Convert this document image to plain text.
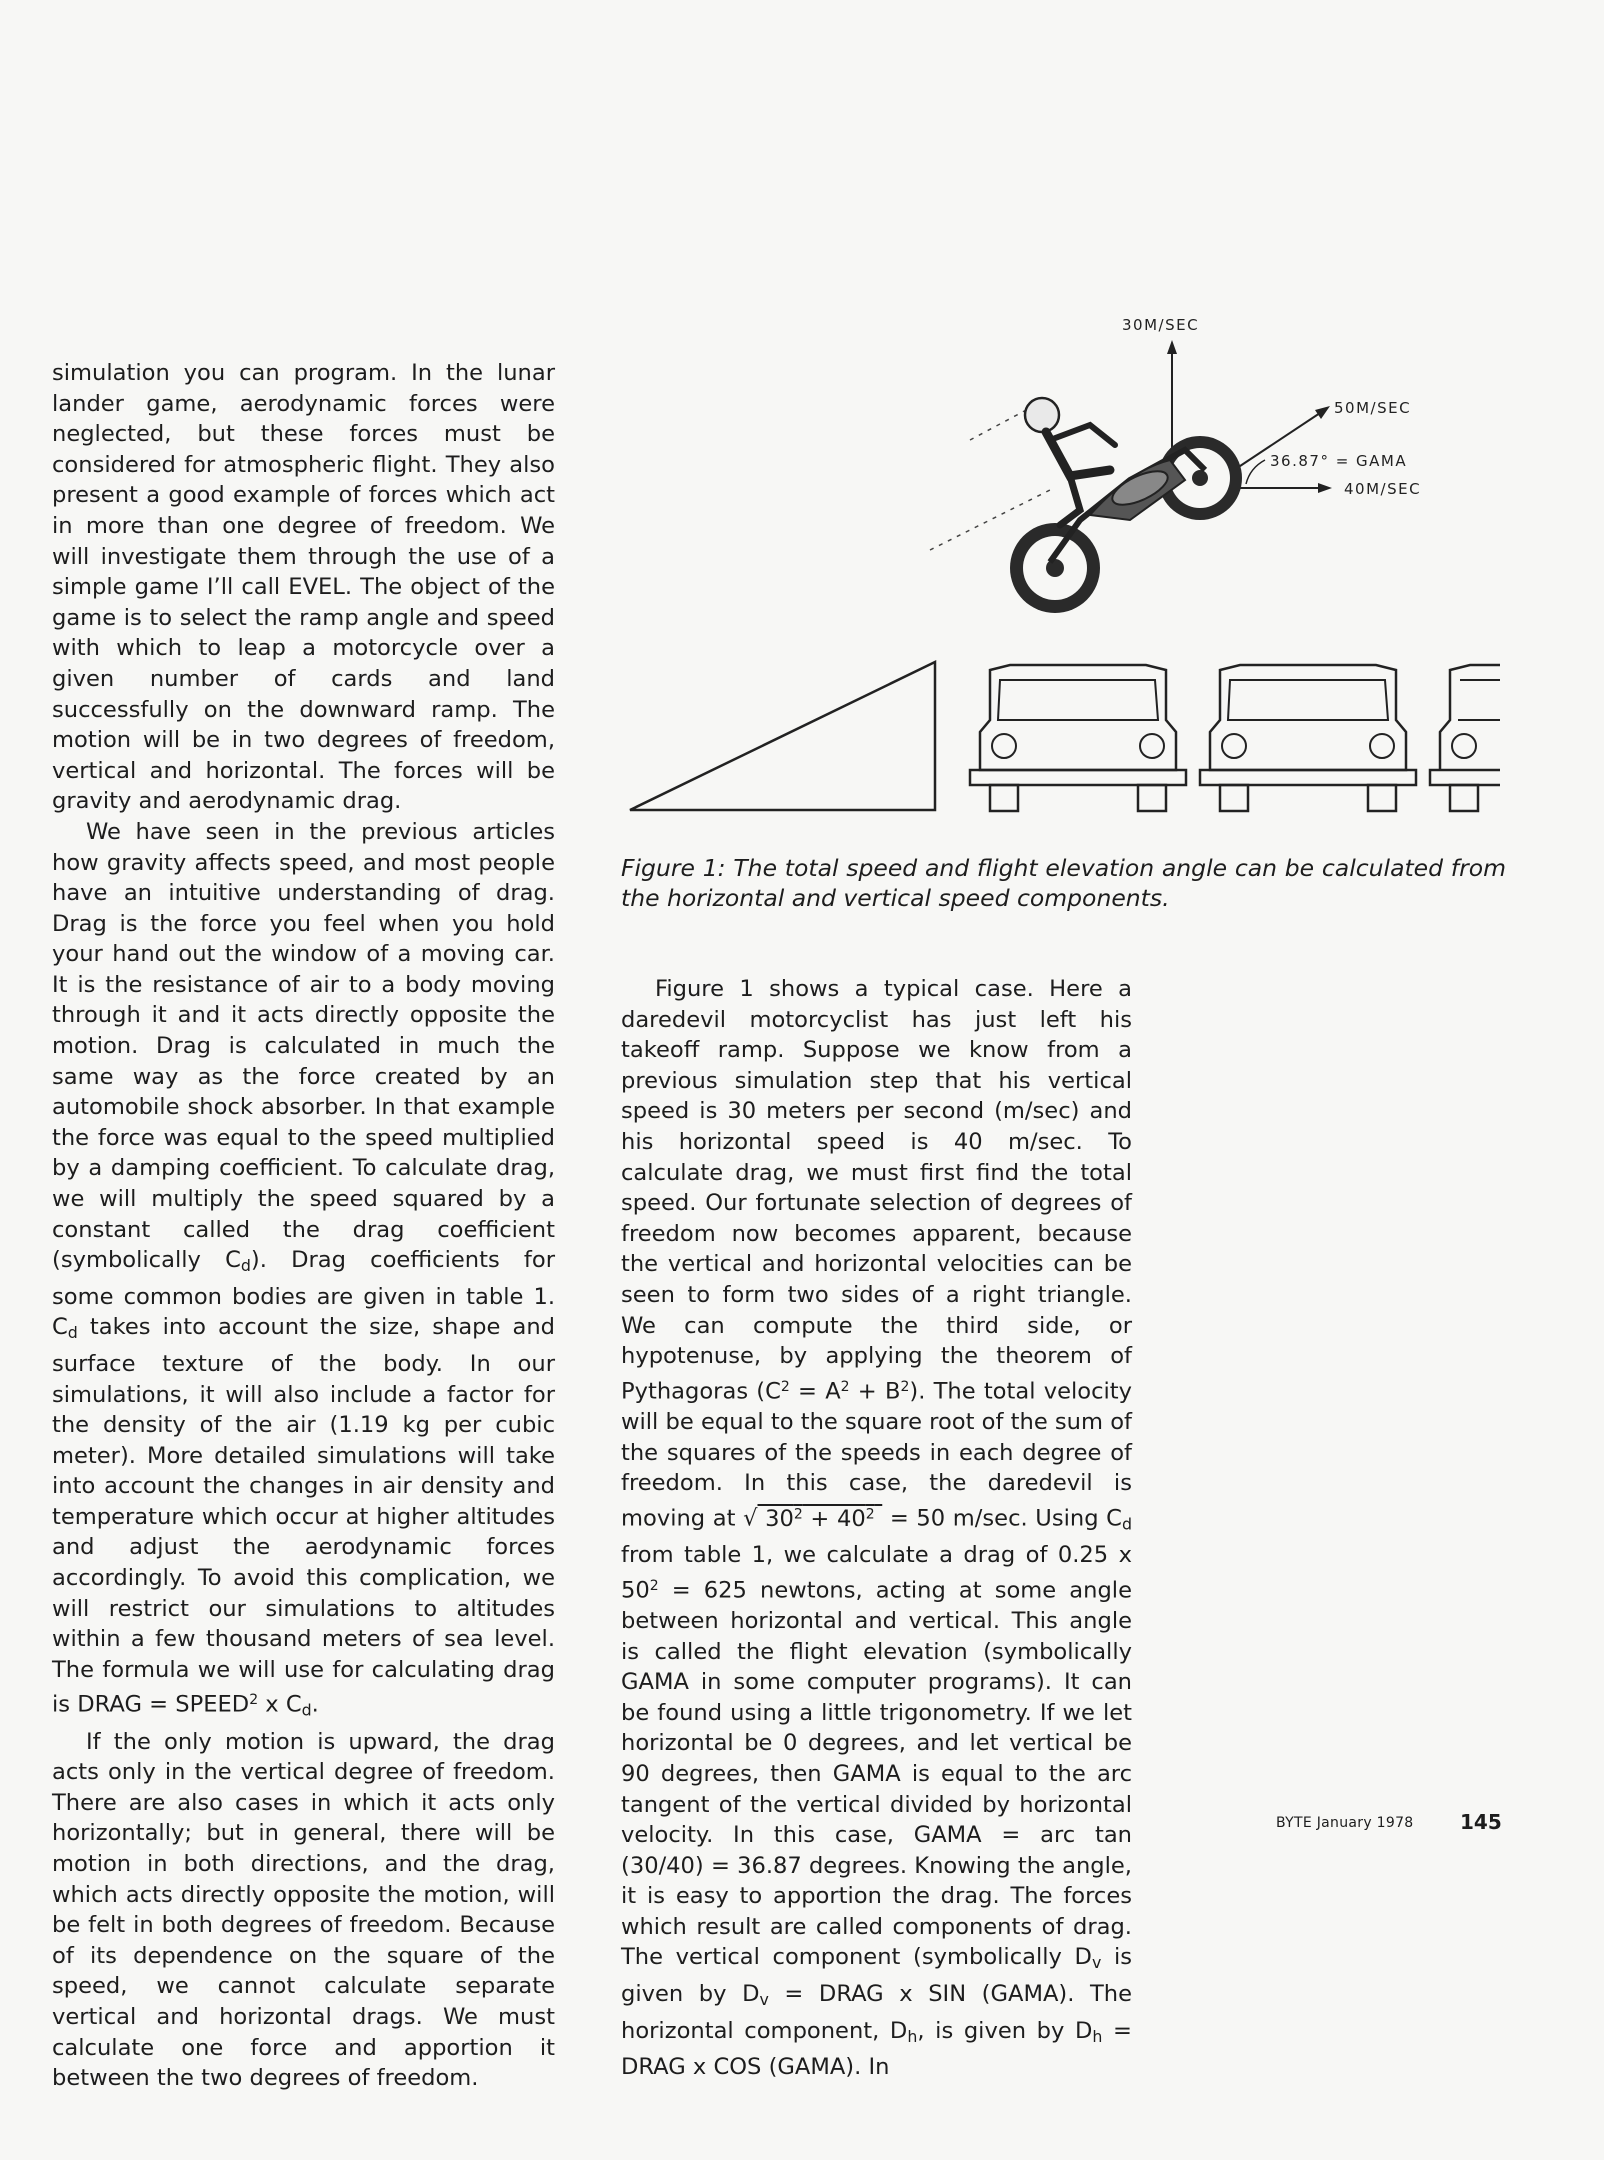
simulation you can program. In the lunar lander game, aerodynamic forces were neglected, but these forces must be considered for atmospheric flight. They also present a good example of forces which act in more than one degree of freedom. We will investigate them through the use of a simple game I’ll call EVEL. The object of the game is to select the ramp angle and speed with which to leap a motorcycle over a given number of cards and land successfully on the downward ramp. The motion will be in two degrees of freedom, vertical and horizontal. The forces will be gravity and aerodynamic drag.

We have seen in the previous articles how gravity affects speed, and most people have an intuitive understanding of drag. Drag is the force you feel when you hold your hand out the window of a moving car. It is the resistance of air to a body moving through it and it acts directly opposite the motion. Drag is calculated in much the same way as the force created by an automobile shock absorber. In that example the force was equal to the speed multiplied by a damping coefficient. To calculate drag, we will multiply the speed squared by a constant called the drag coefficient (symbolically $C_d$). Drag coefficients for some common bodies are given in table 1. $C_d$ takes into account the size, shape and surface texture of the body. In our simulations, it will also include a factor for the density of the air (1.19 kg per cubic meter). More detailed simulations will take into account the changes in air density and temperature which occur at higher altitudes and adjust the aerodynamic forces accordingly. To avoid this complication, we will restrict our simulations to altitudes within a few thousand meters of sea level. The formula we will use for calculating drag is DRAG = $SPEED^2$ x $C_d$.

If the only motion is upward, the drag acts only in the vertical degree of freedom. There are also cases in which it acts only horizontally; but in general, there will be motion in both directions, and the drag, which acts directly opposite the motion, will be felt in both degrees of freedom. Because of its dependence on the square of the speed, we cannot calculate separate vertical and horizontal drags. We must calculate one force and apportion it between the two degrees of freedom.

30M/SEC
50M/SEC
40M/SEC
36.87° = GAMA
Figure 1: The total speed and flight elevation angle can be calculated from the horizontal and vertical speed components.

Figure 1 shows a typical case. Here a daredevil motorcyclist has just left his takeoff ramp. Suppose we know from a previous simulation step that his vertical speed is 30 meters per second (m/sec) and his horizontal speed is 40 m/sec. To calculate drag, we must first find the total speed. Our fortunate selection of degrees of freedom now becomes apparent, because the vertical and horizontal velocities can be seen to form two sides of a right triangle. We can compute the third side, or hypotenuse, by applying the theorem of Pythagoras $(C^2 = A^2 + B^2)$. The total velocity will be equal to the square root of the sum of the squares of the speeds in each degree of freedom. In this case, the daredevil is moving at √ $30^2 + 40^2 = 50$ m/sec. Using $C_d$ from table 1, we calculate a drag of 0.25 x $50^2 = 625$ newtons, acting at some angle between horizontal and vertical. This angle is called the flight elevation (symbolically GAMA in some computer programs). It can be found using a little trigonometry. If we let horizontal be 0 degrees, and let vertical be 90 degrees, then GAMA is equal to the arc tangent of the vertical divided by horizontal velocity. In this case, GAMA = arc tan (30/40) = 36.87 degrees. Knowing the angle, it is easy to apportion the drag. The forces which result are called components of drag. The vertical component (symbolically $D_v$ is given by $D_v$ = DRAG x SIN (GAMA). The horizontal component, $D_h$, is given by $D_h$ = DRAG x COS (GAMA). In

BYTE January 1978 145
